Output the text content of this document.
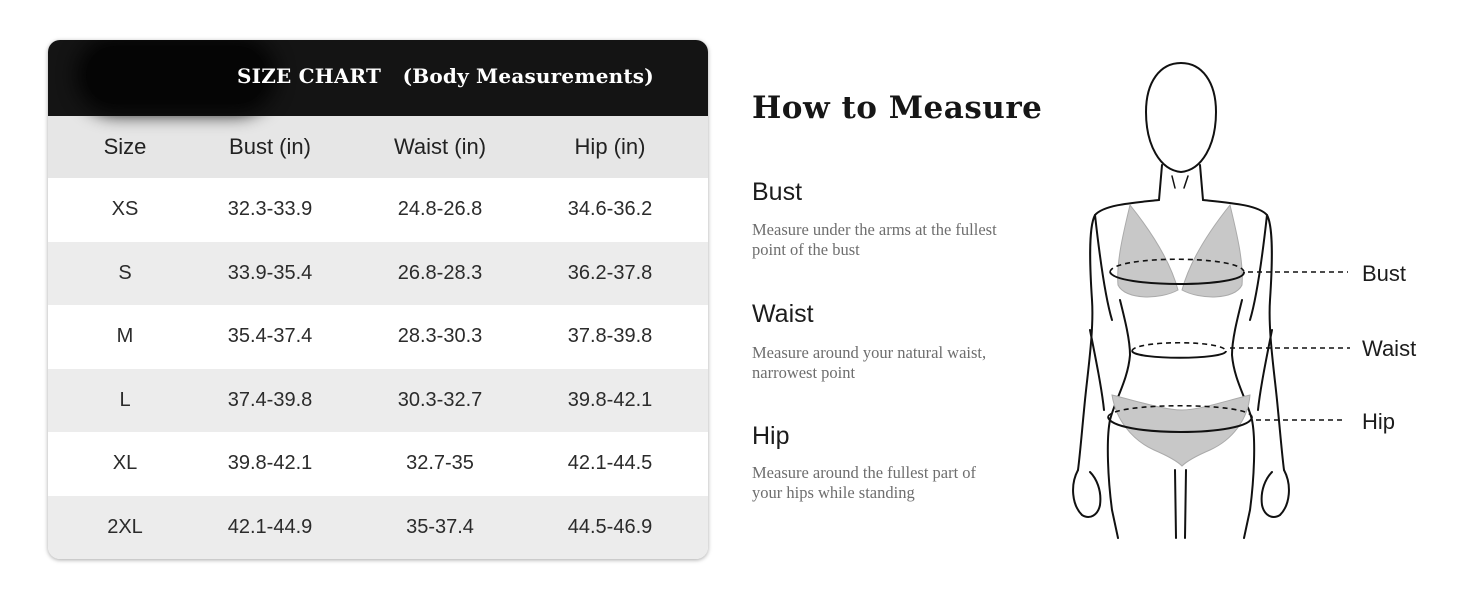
SIZE CHART   (Body Measurements)
Size	Bust (in)	Waist (in)	Hip (in)
XS	32.3-33.9	24.8-26.8	34.6-36.2
S	33.9-35.4	26.8-28.3	36.2-37.8
M	35.4-37.4	28.3-30.3	37.8-39.8
L	37.4-39.8	30.3-32.7	39.8-42.1
XL	39.8-42.1	32.7-35	42.1-44.5
2XL	42.1-44.9	35-37.4	44.5-46.9
How to Measure
Bust
Measure under the arms at the fullest
point of the bust
Waist
Measure around your natural waist,
narrowest point
Hip
Measure around the fullest part of
your hips while standing
Bust
Waist
Hip
